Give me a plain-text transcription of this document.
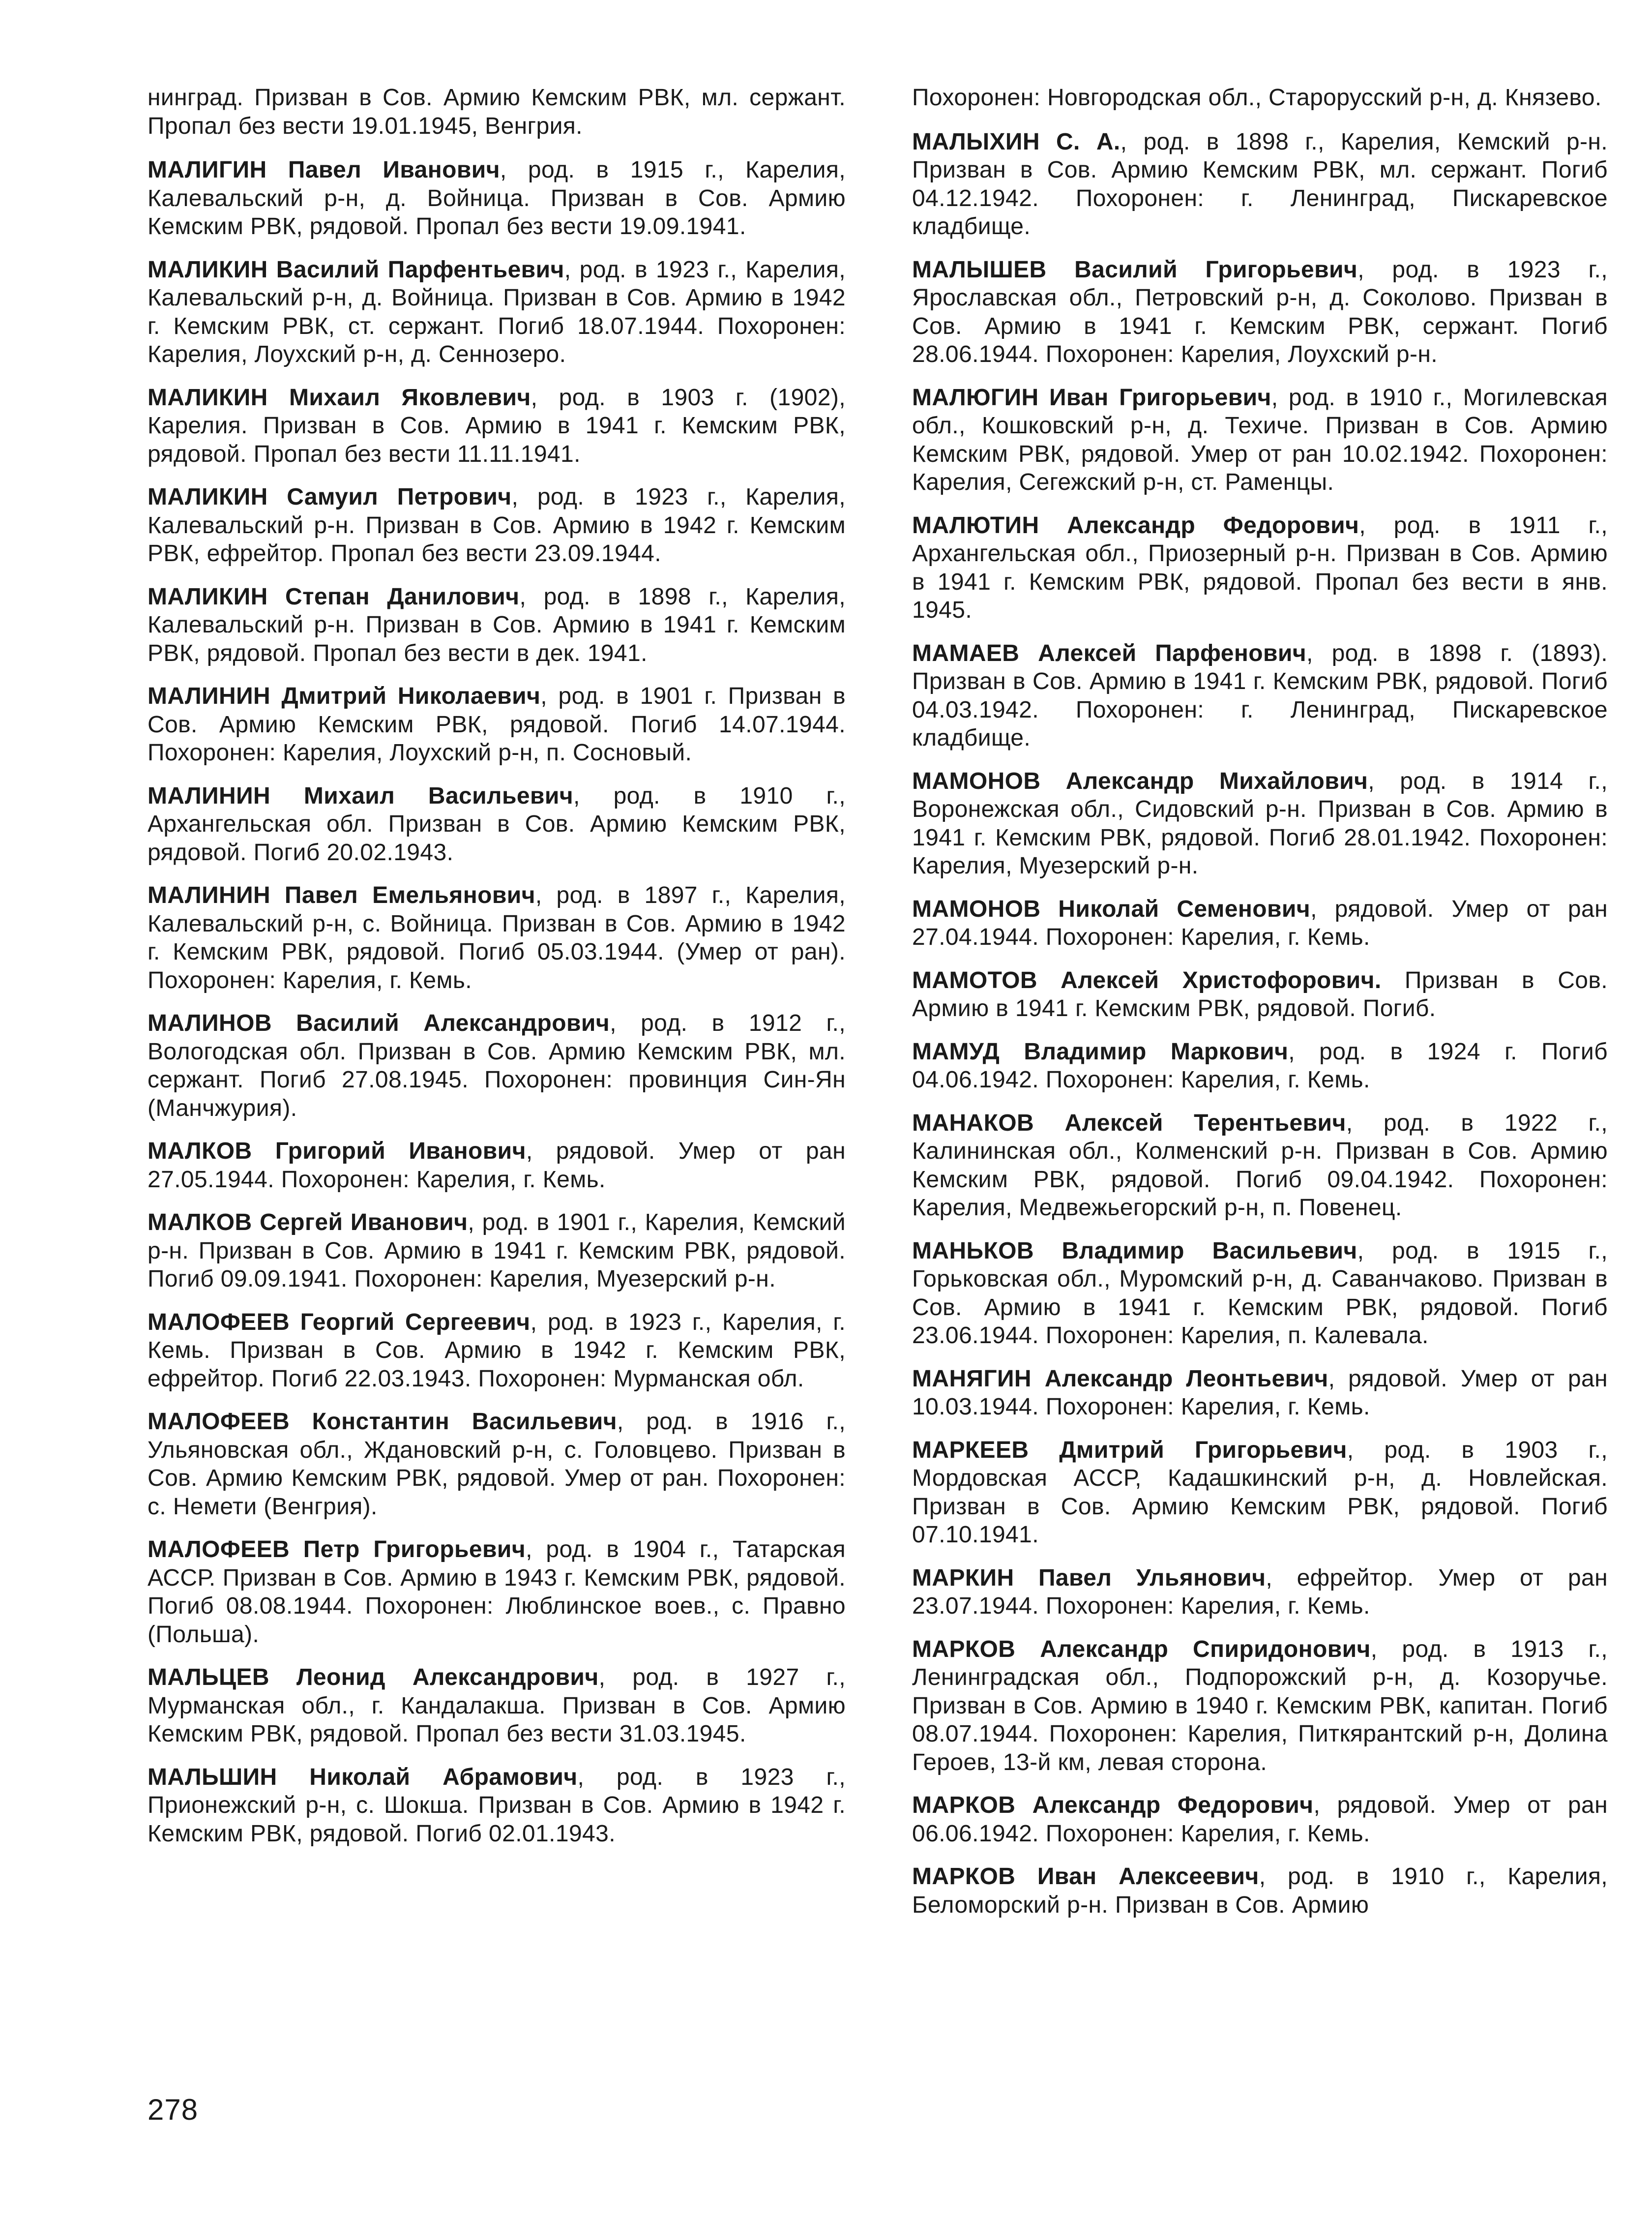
нинград. Призван в Сов. Армию Кемским РВК, мл. сержант. Пропал без вести 19.01.1945, Венгрия.

МАЛИГИН Павел Иванович, род. в 1915 г., Карелия, Калевальский р-н, д. Войница. Призван в Сов. Армию Кемским РВК, рядовой. Пропал без вести 19.09.1941.

МАЛИКИН Василий Парфентьевич, род. в 1923 г., Карелия, Калевальский р-н, д. Войница. Призван в Сов. Армию в 1942 г. Кемским РВК, ст. сержант. Погиб 18.07.1944. Похоронен: Карелия, Лоухский р-н, д. Сеннозеро.

МАЛИКИН Михаил Яковлевич, род. в 1903 г. (1902), Карелия. Призван в Сов. Армию в 1941 г. Кемским РВК, рядовой. Пропал без вести 11.11.1941.

МАЛИКИН Самуил Петрович, род. в 1923 г., Карелия, Калевальский р-н. Призван в Сов. Армию в 1942 г. Кемским РВК, ефрейтор. Пропал без вести 23.09.1944.

МАЛИКИН Степан Данилович, род. в 1898 г., Карелия, Калевальский р-н. Призван в Сов. Армию в 1941 г. Кемским РВК, рядовой. Пропал без вести в дек. 1941.

МАЛИНИН Дмитрий Николаевич, род. в 1901 г. Призван в Сов. Армию Кемским РВК, рядовой. Погиб 14.07.1944. Похоронен: Карелия, Лоухский р-н, п. Сосновый.

МАЛИНИН Михаил Васильевич, род. в 1910 г., Архангельская обл. Призван в Сов. Армию Кемским РВК, рядовой. Погиб 20.02.1943.

МАЛИНИН Павел Емельянович, род. в 1897 г., Карелия, Калевальский р-н, с. Войница. Призван в Сов. Армию в 1942 г. Кемским РВК, рядовой. Погиб 05.03.1944. (Умер от ран). Похоронен: Карелия, г. Кемь.

МАЛИНОВ Василий Александрович, род. в 1912 г., Вологодская обл. Призван в Сов. Армию Кемским РВК, мл. сержант. Погиб 27.08.1945. Похоронен: провинция Син-Ян (Манчжурия).

МАЛКОВ Григорий Иванович, рядовой. Умер от ран 27.05.1944. Похоронен: Карелия, г. Кемь.

МАЛКОВ Сергей Иванович, род. в 1901 г., Карелия, Кемский р-н. Призван в Сов. Армию в 1941 г. Кемским РВК, рядовой. Погиб 09.09.1941. Похоронен: Карелия, Муезерский р-н.

МАЛОФЕЕВ Георгий Сергеевич, род. в 1923 г., Карелия, г. Кемь. Призван в Сов. Армию в 1942 г. Кемским РВК, ефрейтор. Погиб 22.03.1943. Похоронен: Мурманская обл.

МАЛОФЕЕВ Константин Васильевич, род. в 1916 г., Ульяновская обл., Ждановский р-н, с. Головцево. Призван в Сов. Армию Кемским РВК, рядовой. Умер от ран. Похоронен: с. Немети (Венгрия).

МАЛОФЕЕВ Петр Григорьевич, род. в 1904 г., Татарская АССР. Призван в Сов. Армию в 1943 г. Кемским РВК, рядовой. Погиб 08.08.1944. Похоронен: Люблинское воев., с. Правно (Польша).

МАЛЬЦЕВ Леонид Александрович, род. в 1927 г., Мурманская обл., г. Кандалакша. Призван в Сов. Армию Кемским РВК, рядовой. Пропал без вести 31.03.1945.

МАЛЬШИН Николай Абрамович, род. в 1923 г., Прионежский р-н, с. Шокша. Призван в Сов. Армию в 1942 г. Кемским РВК, рядовой. Погиб 02.01.1943.

Похоронен: Новгородская обл., Старорусский р-н, д. Князево.

МАЛЫХИН С. А., род. в 1898 г., Карелия, Кемский р-н. Призван в Сов. Армию Кемским РВК, мл. сержант. Погиб 04.12.1942. Похоронен: г. Ленинград, Пискаревское кладбище.

МАЛЫШЕВ Василий Григорьевич, род. в 1923 г., Ярославская обл., Петровский р-н, д. Соколово. Призван в Сов. Армию в 1941 г. Кемским РВК, сержант. Погиб 28.06.1944. Похоронен: Карелия, Лоухский р-н.

МАЛЮГИН Иван Григорьевич, род. в 1910 г., Могилевская обл., Кошковский р-н, д. Техиче. Призван в Сов. Армию Кемским РВК, рядовой. Умер от ран 10.02.1942. Похоронен: Карелия, Сегежский р-н, ст. Раменцы.

МАЛЮТИН Александр Федорович, род. в 1911 г., Архангельская обл., Приозерный р-н. Призван в Сов. Армию в 1941 г. Кемским РВК, рядовой. Пропал без вести в янв. 1945.

МАМАЕВ Алексей Парфенович, род. в 1898 г. (1893). Призван в Сов. Армию в 1941 г. Кемским РВК, рядовой. Погиб 04.03.1942. Похоронен: г. Ленинград, Пискаревское кладбище.

МАМОНОВ Александр Михайлович, род. в 1914 г., Воронежская обл., Сидовский р-н. Призван в Сов. Армию в 1941 г. Кемским РВК, рядовой. Погиб 28.01.1942. Похоронен: Карелия, Муезерский р-н.

МАМОНОВ Николай Семенович, рядовой. Умер от ран 27.04.1944. Похоронен: Карелия, г. Кемь.

МАМОТОВ Алексей Христофорович. Призван в Сов. Армию в 1941 г. Кемским РВК, рядовой. Погиб.

МАМУД Владимир Маркович, род. в 1924 г. Погиб 04.06.1942. Похоронен: Карелия, г. Кемь.

МАНАКОВ Алексей Терентьевич, род. в 1922 г., Калининская обл., Колменский р-н. Призван в Сов. Армию Кемским РВК, рядовой. Погиб 09.04.1942. Похоронен: Карелия, Медвежьегорский р-н, п. Повенец.

МАНЬКОВ Владимир Васильевич, род. в 1915 г., Горьковская обл., Муромский р-н, д. Саванчаково. Призван в Сов. Армию в 1941 г. Кемским РВК, рядовой. Погиб 23.06.1944. Похоронен: Карелия, п. Калевала.

МАНЯГИН Александр Леонтьевич, рядовой. Умер от ран 10.03.1944. Похоронен: Карелия, г. Кемь.

МАРКЕЕВ Дмитрий Григорьевич, род. в 1903 г., Мордовская АССР, Кадашкинский р-н, д. Новлейская. Призван в Сов. Армию Кемским РВК, рядовой. Погиб 07.10.1941.

МАРКИН Павел Ульянович, ефрейтор. Умер от ран 23.07.1944. Похоронен: Карелия, г. Кемь.

МАРКОВ Александр Спиридонович, род. в 1913 г., Ленинградская обл., Подпорожский р-н, д. Козоручье. Призван в Сов. Армию в 1940 г. Кемским РВК, капитан. Погиб 08.07.1944. Похоронен: Карелия, Питкярантский р-н, Долина Героев, 13-й км, левая сторона.

МАРКОВ Александр Федорович, рядовой. Умер от ран 06.06.1942. Похоронен: Карелия, г. Кемь.

МАРКОВ Иван Алексеевич, род. в 1910 г., Карелия, Беломорский р-н. Призван в Сов. Армию

278
